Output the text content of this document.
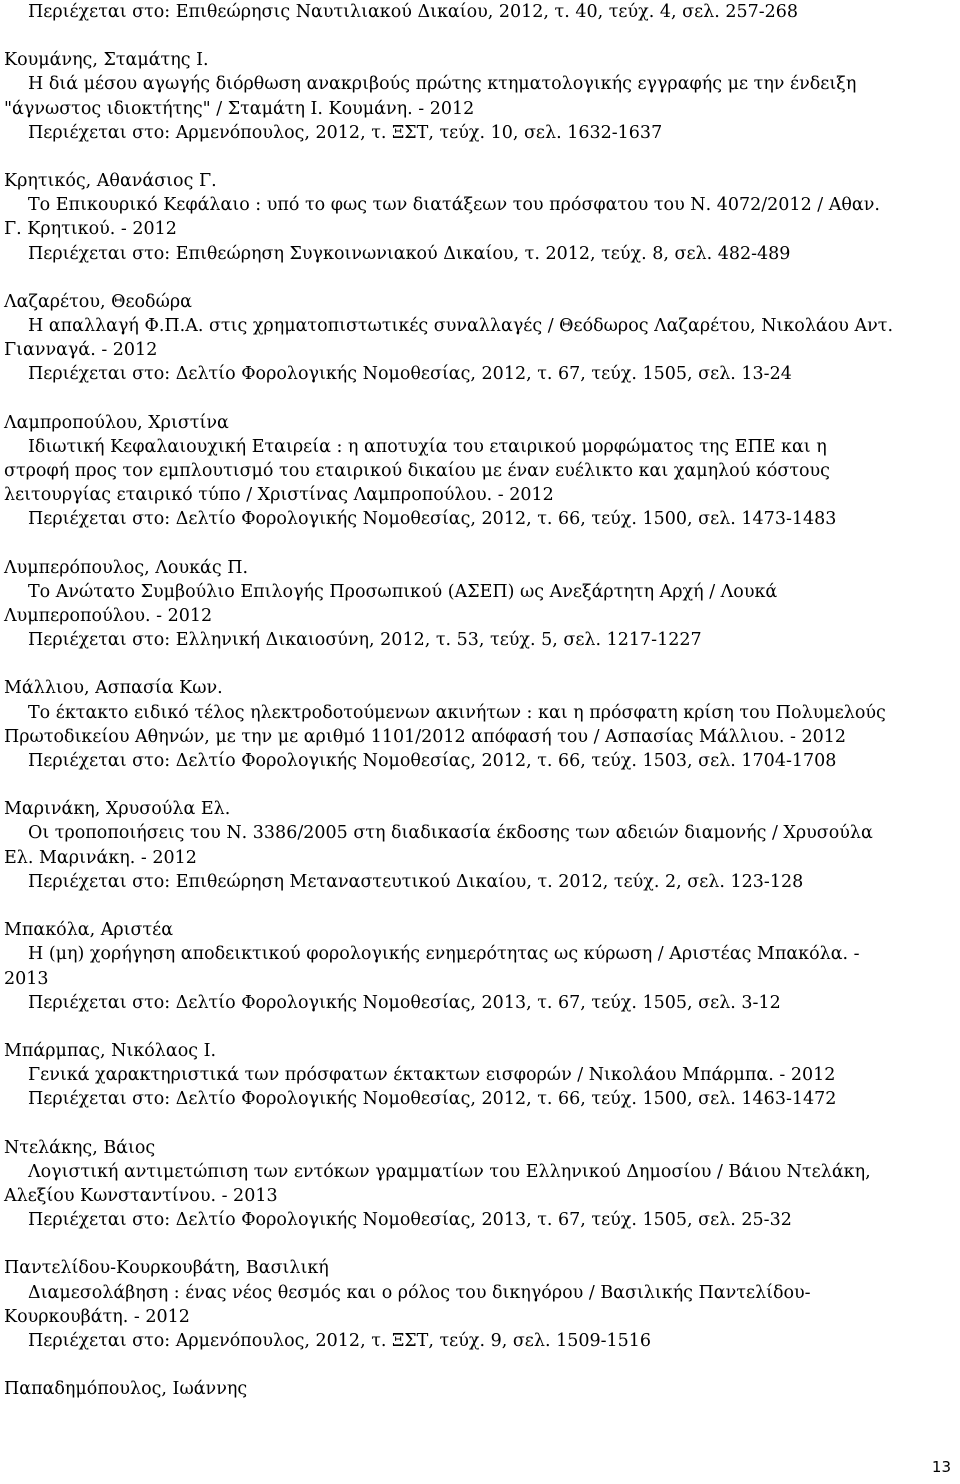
Περιέχεται στο: Επιθεώρησις Ναυτιλιακού Δικαίου, 2012, τ. 40, τεύχ. 4, σελ. 257-268
Κουμάνης, Σταμάτης Ι.
Η διά μέσου αγωγής διόρθωση ανακριβούς πρώτης κτηματολογικής εγγραφής με την ένδειξη
"άγνωστος ιδιοκτήτης" / Σταμάτη Ι. Κουμάνη. - 2012
Περιέχεται στο: Αρμενόπουλος, 2012, τ. ΞΣΤ, τεύχ. 10, σελ. 1632-1637
Κρητικός, Αθανάσιος Γ.
Το Επικουρικό Κεφάλαιο : υπό το φως των διατάξεων του πρόσφατου του Ν. 4072/2012 / Αθαν.
Γ. Κρητικού. - 2012
Περιέχεται στο: Επιθεώρηση Συγκοινωνιακού Δικαίου, τ. 2012, τεύχ. 8, σελ. 482-489
Λαζαρέτου, Θεοδώρα
Η απαλλαγή Φ.Π.Α. στις χρηματοπιστωτικές συναλλαγές / Θεόδωρος Λαζαρέτου, Νικολάου Αντ.
Γιανναγά. - 2012
Περιέχεται στο: Δελτίο Φορολογικής Νομοθεσίας, 2012, τ. 67, τεύχ. 1505, σελ. 13-24
Λαμπροπούλου, Χριστίνα
Ιδιωτική Κεφαλαιουχική Εταιρεία : η αποτυχία του εταιρικού μορφώματος της ΕΠΕ και η
στροφή προς τον εμπλουτισμό του εταιρικού δικαίου με έναν ευέλικτο και χαμηλού κόστους
λειτουργίας εταιρικό τύπο / Χριστίνας Λαμπροπούλου. - 2012
Περιέχεται στο: Δελτίο Φορολογικής Νομοθεσίας, 2012, τ. 66, τεύχ. 1500, σελ. 1473-1483
Λυμπερόπουλος, Λουκάς Π.
Το Ανώτατο Συμβούλιο Επιλογής Προσωπικού (ΑΣΕΠ) ως Ανεξάρτητη Αρχή / Λουκά
Λυμπεροπούλου. - 2012
Περιέχεται στο: Ελληνική Δικαιοσύνη, 2012, τ. 53, τεύχ. 5, σελ. 1217-1227
Μάλλιου, Ασπασία Κων.
Το έκτακτο ειδικό τέλος ηλεκτροδοτούμενων ακινήτων : και η πρόσφατη κρίση του Πολυμελούς
Πρωτοδικείου Αθηνών, με την με αριθμό 1101/2012 απόφασή του / Ασπασίας Μάλλιου. - 2012
Περιέχεται στο: Δελτίο Φορολογικής Νομοθεσίας, 2012, τ. 66, τεύχ. 1503, σελ. 1704-1708
Μαρινάκη, Χρυσούλα Ελ.
Οι τροποποιήσεις του Ν. 3386/2005 στη διαδικασία έκδοσης των αδειών διαμονής / Χρυσούλα
Ελ. Μαρινάκη. - 2012
Περιέχεται στο: Επιθεώρηση Μεταναστευτικού Δικαίου, τ. 2012, τεύχ. 2, σελ. 123-128
Μπακόλα, Αριστέα
Η (μη) χορήγηση αποδεικτικού φορολογικής ενημερότητας ως κύρωση / Αριστέας Μπακόλα. -
2013
Περιέχεται στο: Δελτίο Φορολογικής Νομοθεσίας, 2013, τ. 67, τεύχ. 1505, σελ. 3-12
Μπάρμπας, Νικόλαος Ι.
Γενικά χαρακτηριστικά των πρόσφατων έκτακτων εισφορών / Νικολάου Μπάρμπα. - 2012
Περιέχεται στο: Δελτίο Φορολογικής Νομοθεσίας, 2012, τ. 66, τεύχ. 1500, σελ. 1463-1472
Ντελάκης, Βάιος
Λογιστική αντιμετώπιση των εντόκων γραμματίων του Ελληνικού Δημοσίου / Βάιου Ντελάκη,
Αλεξίου Κωνσταντίνου. - 2013
Περιέχεται στο: Δελτίο Φορολογικής Νομοθεσίας, 2013, τ. 67, τεύχ. 1505, σελ. 25-32
Παντελίδου-Κουρκουβάτη, Βασιλική
Διαμεσολάβηση : ένας νέος θεσμός και ο ρόλος του δικηγόρου / Βασιλικής Παντελίδου-
Κουρκουβάτη. - 2012
Περιέχεται στο: Αρμενόπουλος, 2012, τ. ΞΣΤ, τεύχ. 9, σελ. 1509-1516
Παπαδημόπουλος, Ιωάννης
13
